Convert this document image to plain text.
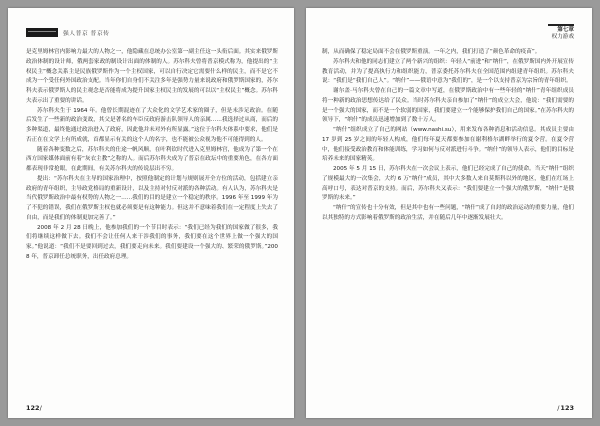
强人普京 普京传

是克里姆林宫内影响力最大的人物之一，他隐藏在总统办公室第一副主任这一头衔后面。其实来俄罗斯政治体制的设计师，俄两套家政的制设计出面的体制的人。苏尔科夫曾将普京模式称为，他提出的“主权民主”概念关系主是民族俄罗斯作为一个主权国家，可以自行决定它需要什么样的民主，而不是它不成为一个受任何外国政治支配。当年你们自身们不关注多年是强势力量来说政府和俄罗斯国家的，苏尔科夫表示俄罗斯人的民主观念是否能将成为提升国家主权民主的发展的可以以“主权民主”概念。苏尔科夫表示出了重要的讲话。

苏尔科夫生于 1964 年。他曾长期混迹在了大众化的文学艺术家的圈子，但是未涉足政治。在随后发生了一些新的政治变故，其父是著名的车臣反政府游击队领导人的亲属……我选择过从商，而后的多种渠道，最终他通过政治进入了政府，因此他并未对外有所显露。”这位于尔科夫体系中要求，他们是否正在在文学上有所成就，首都显示有关的这个人的名字，也不能被公众视为他不可能得到的人。

随着各种变数之后，苏尔科夫的仕途一帆风顺，在叶利钦时代进入克里姆林宫，他成为了第一个在西方国家媒体面前有着“灰衣主教”之称的人。而后苏尔科夫成为了普京在政坛中的重要角色，在各方面都表现非常抢眼，在此期间，有关苏尔科夫的传说层出不穷。

提出：“苏尔科夫在主导的国家治理中，按照他制定的计划与规则展开全方位的活动，包括建立亲政府的青年组织，主导政党格局的重新设计，以及主持对付反对派的各种活动。有人认为，苏尔科夫是当代俄罗斯政治中最有权势的人物之一……我们的目的是建立一个稳定的秩序。1996 年至 1999 年为了不犯的错误，我们在俄罗斯主权也就必须要是有这种能力。但这并不意味着我们在一定程度上失去了自由，而是我们的体制更加完善了。”

2008 年 2 月 28 日晚上，他参加我们的一个节目时表示：“我们已经为我们的国家做了很多，我们将继续这样做下去。我们不会让任何人来干涉我们的事务，我们要在这个世界上做一个强大的国家。”他说道：“我们不是要回到过去，我们要走向未来。我们要建设一个强大的、繁荣的俄罗斯。”2008 年，普京卸任总统职务，出任政府总理。

122/
第七章
权力游戏

制，从而确保了稳定局面不会在俄罗斯重演。一年之内，我们打造了“颜色革命的疫苗”。

苏尔科夫和他的同志们建立了两个新兴的组织：年轻人“前进”和“纳什”，在俄罗斯国内外开展宣传教育活动，并为了提高执行力和组织能力，普京委托苏尔科夫在全国范围内组建青年组织。苏尔科夫说：“我们是“我们自己人”。“纳什”——俄语中意为“我们的”，是一个以支持普京为宗旨的青年组织。

谢尔盖·马尔科夫曾在自己的一篇文章中写道，在俄罗斯政治中有一些年轻的“纳什”青年组织成员将一种新的政治思想传达给了民众。当时苏尔科夫亲自参加了“纳什”的成立大会，他说：“我们需要的是一个强大的国家，而不是一个软弱的国家，我们要建立一个能够保护我们自己的国家。”在苏尔科夫的领导下，“纳什”的成员迅速增加到了数十万人。

“纳什”组织成立了自己的网站（www.nashi.su），用来发布各种消息和活动信息。其成员主要由 17 岁到 25 岁之间的年轻人构成，他们每年夏天都要参加在谢利格尔湖畔举行的夏令营。在夏令营中，他们接受政治教育和体能训练，学习如何与反对派进行斗争。“纳什”的领导人表示，他们的目标是培养未来的国家精英。

2005 年 5 月 15 日，苏尔科夫在一次会议上表示，他们已经完成了自己的使命。当天“纳什”组织了规模最大的一次集会，大约 6 万“纳什”成员，其中大多数人来自莫斯科以外的地区，他们在红场上高呼口号，表达对普京的支持。而后，苏尔科夫又表示：“我们要建立一个强大的俄罗斯，“纳什”是俄罗斯的未来。”

“纳什”的宣传也十分有效，但是其中也有一些问题，“纳什”成了自封的政治运动的重要力量，他们以其独特的方式影响着俄罗斯的政治生活，并在随后几年中逐渐发展壮大。

/123
